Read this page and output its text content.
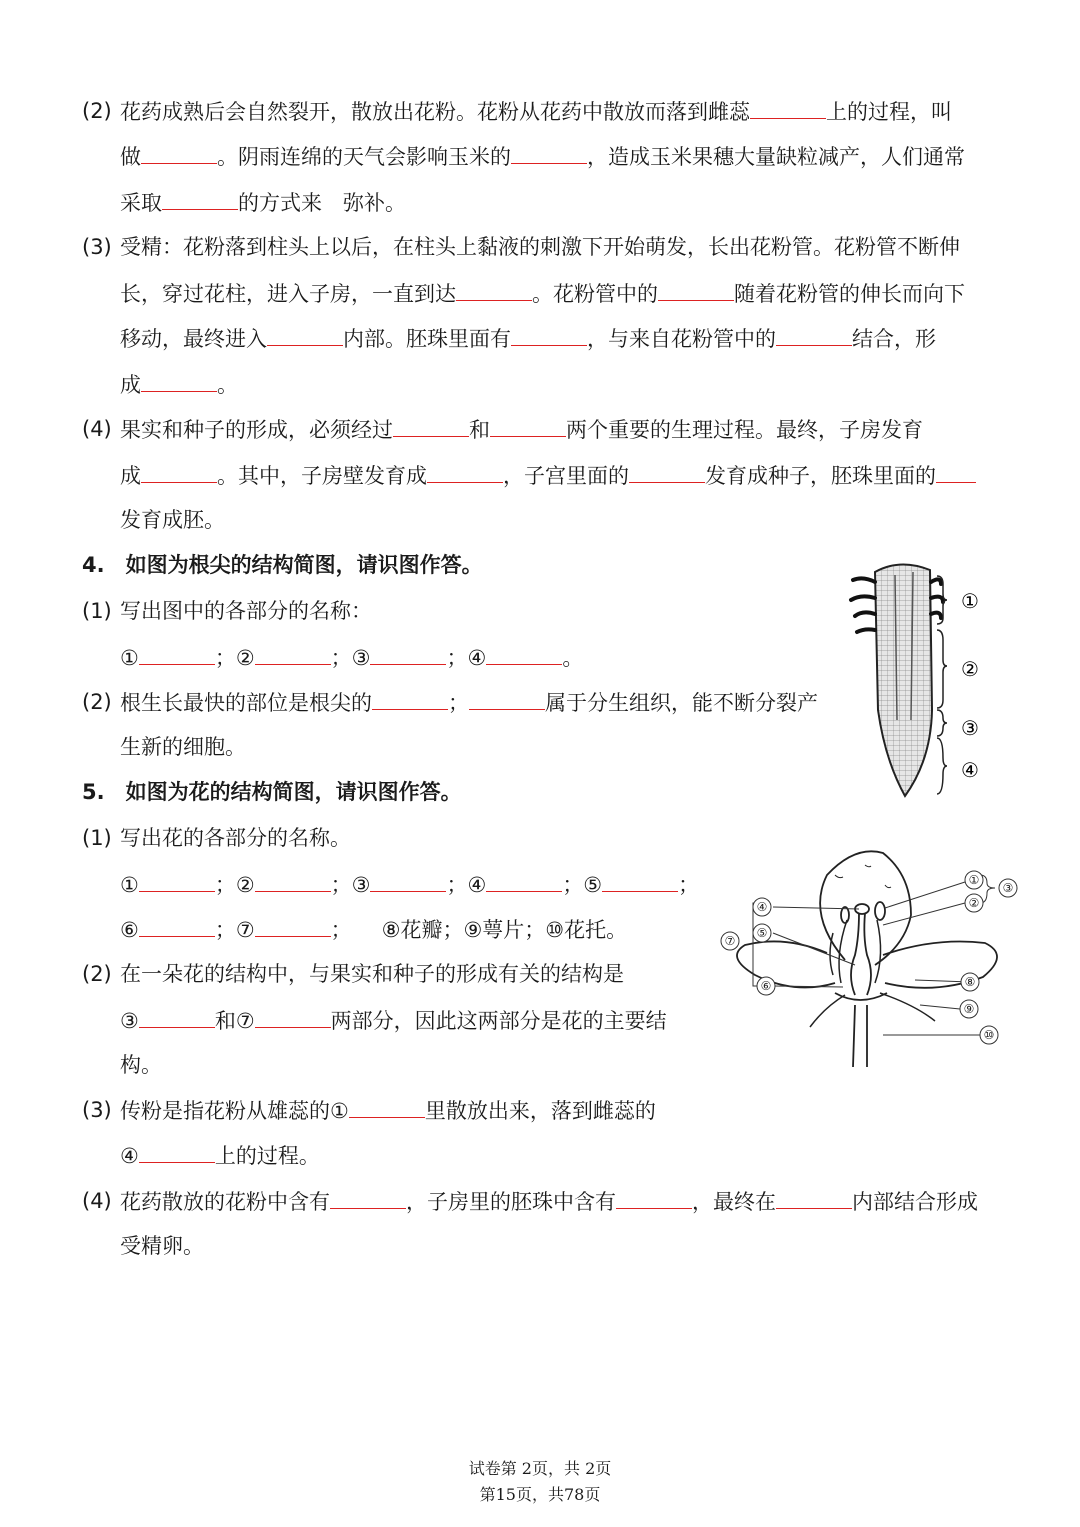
(2) 花药成熟后会自然裂开，散放出花粉。花粉从花药中散放而落到雌蕊	上的过程，叫
做	。阴雨连绵的天气会影响玉米的	，造成玉米果穗大量缺粒减产，人们通常
采取	的方式来　弥补。
(3) 受精：花粉落到柱头上以后，在柱头上黏液的刺激下开始萌发，长出花粉管。花粉管不断伸
长，穿过花柱，进入子房，一直到达	。花粉管中的	随着花粉管的伸长而向下
移动，最终进入	内部。胚珠里面有	，与来自花粉管中的	结合，形
成	。
(4) 果实和种子的形成，必须经过	和	两个重要的生理过程。最终，子房发育
成	。其中，子房壁发育成	，子宫里面的	发育成种子，胚珠里面的
发育成胚。
4.　如图为根尖的结构简图，请识图作答。
(1) 写出图中的各部分的名称：
①	；②	；③	；④	。
(2) 根生长最快的部位是根尖的	；	属于分生组织，能不断分裂产
生新的细胞。
①
②
③
④
5.　如图为花的结构简图，请识图作答。
(1) 写出花的各部分的名称。
①	；②	；③	；④	；⑤	；
⑥	；⑦	； ⑧花瓣；⑨萼片；⑩花托。
(2) 在一朵花的结构中，与果实和种子的形成有关的结构是
③	和⑦	两部分，因此这两部分是花的主要结
构。
(3) 传粉是指花粉从雄蕊的①	里散放出来，落到雌蕊的
④	上的过程。
(4) 花药散放的花粉中含有	，子房里的胚珠中含有	，最终在	内部结合形成
受精卵。
①
②
③
④
⑤
⑥
⑦
⑧
⑨
⑩
试卷第 2页，共 2页
第15页，共78页
